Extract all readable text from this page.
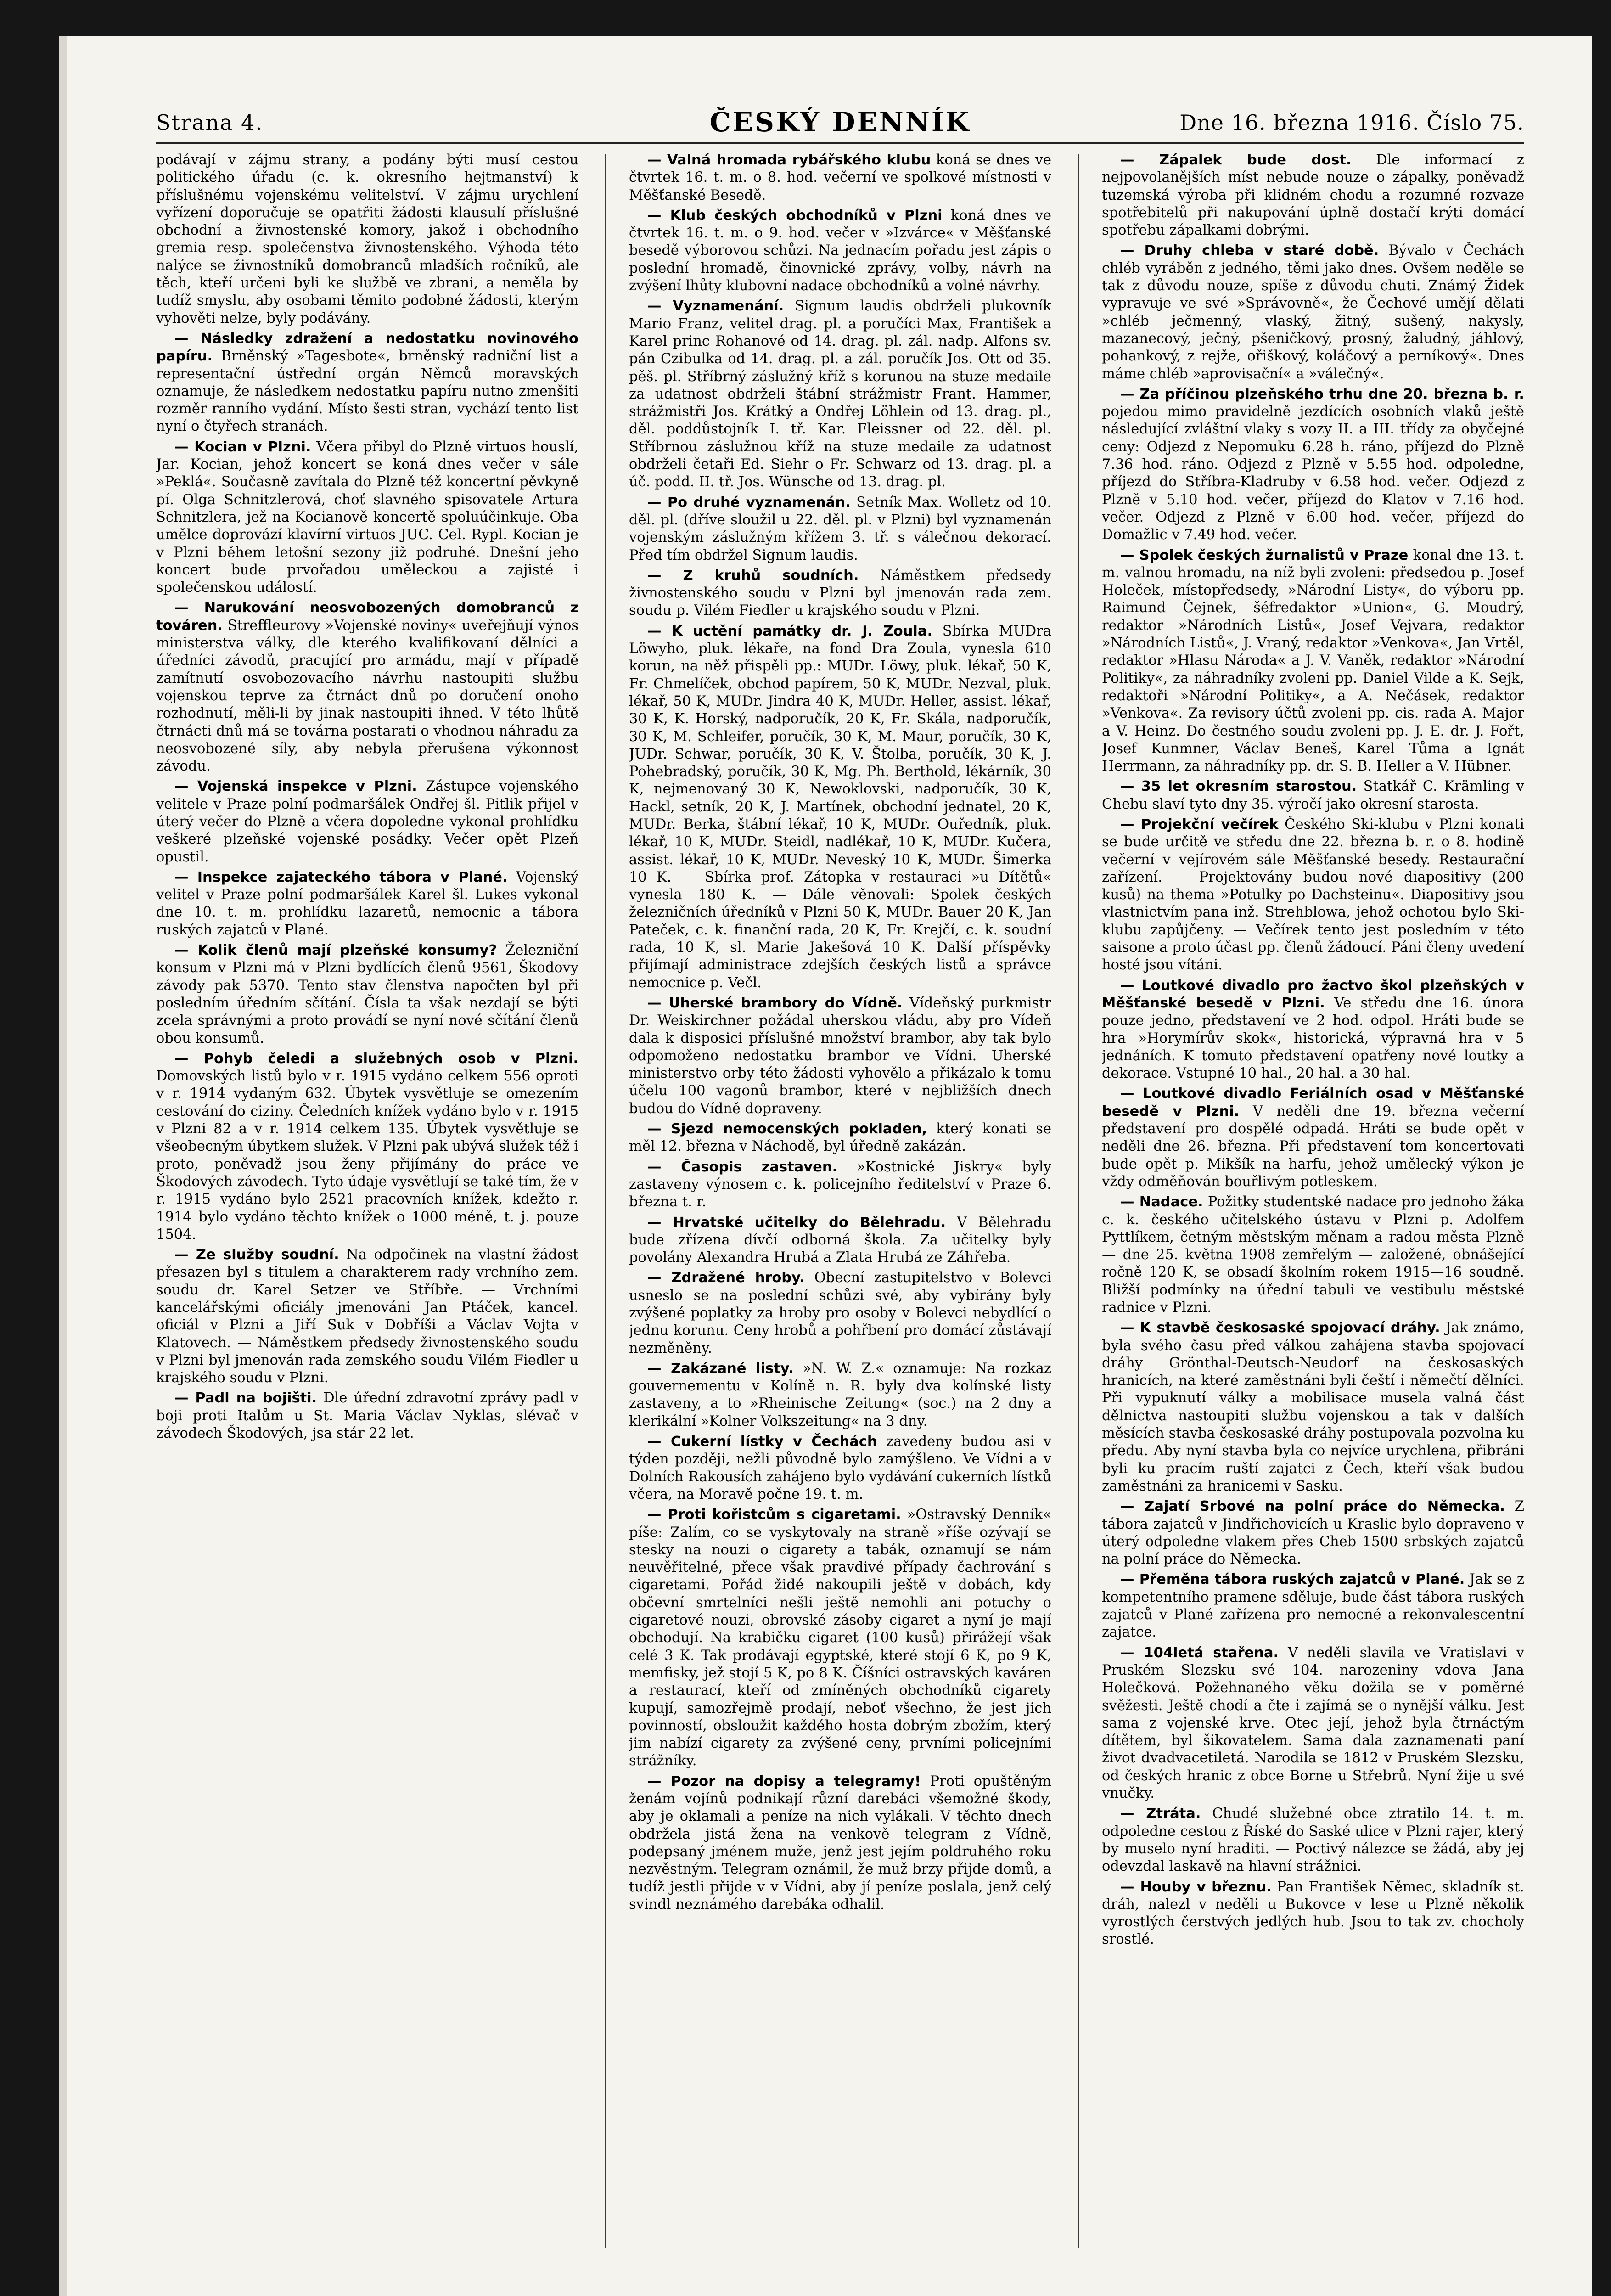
Strana 4.	ČESKÝ DENNÍK	Dne 16. března 1916. Číslo 75.

podávají v zájmu strany, a podány býti musí cestou politického úřadu (c. k. okresního hejtmanství) k příslušnému vojenskému velitelství. V zájmu urychlení vyřízení doporučuje se opatřiti žádosti klausulí příslušné obchodní a živnostenské komory, jakož i obchodního gremia resp. společenstva živnostenského. Výhoda této nalýce se živnostníků domobranců mladších ročníků, ale těch, kteří určeni byli ke službě ve zbrani, a neměla by tudíž smyslu, aby osobami těmito podobné žádosti, kterým vyhověti nelze, byly podávány.

— Následky zdražení a nedostatku novinového papíru. Brněnský »Tagesbote«, brněnský radniční list a representační ústřední orgán Němců moravských oznamuje, že následkem nedostatku papíru nutno zmenšiti rozměr ranního vydání. Místo šesti stran, vychází tento list nyní o čtyřech stranách.

— Kocian v Plzni. Včera přibyl do Plzně virtuos houslí, Jar. Kocian, jehož koncert se koná dnes večer v sále »Peklá«. Současně zavítala do Plzně též koncertní pěvkyně pí. Olga Schnitzlerová, choť slavného spisovatele Artura Schnitzlera, jež na Kocianově koncertě spoluúčinkuje. Oba umělce doprovází klavírní virtuos JUC. Cel. Rypl. Kocian je v Plzni během letošní sezony již podruhé. Dnešní jeho koncert bude prvořadou uměleckou a zajisté i společenskou událostí.

— Narukování neosvobozených domobranců z továren. Streffleurovy »Vojenské noviny« uveřejňují výnos ministerstva války, dle kterého kvalifikovaní dělníci a úředníci závodů, pracující pro armádu, mají v případě zamítnutí osvobozovacího návrhu nastoupiti službu vojenskou teprve za čtrnáct dnů po doručení onoho rozhodnutí, měli-li by jinak nastoupiti ihned. V této lhůtě čtrnácti dnů má se továrna postarati o vhodnou náhradu za neosvobozené síly, aby nebyla přerušena výkonnost závodu.

— Vojenská inspekce v Plzni. Zástupce vojenského velitele v Praze polní podmaršálek Ondřej šl. Pitlik přijel v úterý večer do Plzně a včera dopoledne vykonal prohlídku veškeré plzeňské vojenské posádky. Večer opět Plzeň opustil.

— Inspekce zajateckého tábora v Plané. Vojenský velitel v Praze polní podmaršálek Karel šl. Lukes vykonal dne 10. t. m. prohlídku lazaretů, nemocnic a tábora ruských zajatců v Plané.

— Kolik členů mají plzeňské konsumy? Železniční konsum v Plzni má v Plzni bydlících členů 9561, Škodovy závody pak 5370. Tento stav členstva napočten byl při posledním úředním sčítání. Čísla ta však nezdají se býti zcela správnými a proto provádí se nyní nové sčítání členů obou konsumů.

— Pohyb čeledi a služebných osob v Plzni. Domovských listů bylo v r. 1915 vydáno celkem 556 oproti v r. 1914 vydaným 632. Úbytek vysvětluje se omezením cestování do ciziny. Čeledních knížek vydáno bylo v r. 1915 v Plzni 82 a v r. 1914 celkem 135. Úbytek vysvětluje se všeobecným úbytkem služek. V Plzni pak ubývá služek též i proto, poněvadž jsou ženy přijímány do práce ve Škodových závodech. Tyto údaje vysvětlují se také tím, že v r. 1915 vydáno bylo 2521 pracovních knížek, kdežto r. 1914 bylo vydáno těchto knížek o 1000 méně, t. j. pouze 1504.

— Ze služby soudní. Na odpočinek na vlastní žádost přesazen byl s titulem a charakterem rady vrchního zem. soudu dr. Karel Setzer ve Stříbře. — Vrchními kancelářskými oficiály jmenováni Jan Ptáček, kancel. oficiál v Plzni a Jiří Suk v Dobříši a Václav Vojta v Klatovech. — Náměstkem předsedy živnostenského soudu v Plzni byl jmenován rada zemského soudu Vilém Fiedler u krajského soudu v Plzni.

— Padl na bojišti. Dle úřední zdravotní zprávy padl v boji proti Italům u St. Maria Václav Nyklas, slévač v závodech Škodových, jsa stár 22 let.

— Valná hromada rybářského klubu koná se dnes ve čtvrtek 16. t. m. o 8. hod. večerní ve spolkové místnosti v Měšťanské Besedě.

— Klub českých obchodníků v Plzni koná dnes ve čtvrtek 16. t. m. o 9. hod. večer v »Izvárce« v Měšťanské besedě výborovou schůzi. Na jednacím pořadu jest zápis o poslední hromadě, činovnické zprávy, volby, návrh na zvýšení lhůty klubovní nadace obchodníků a volné návrhy.

— Vyznamenání. Signum laudis obdrželi plukovník Mario Franz, velitel drag. pl. a poručíci Max, František a Karel princ Rohanové od 14. drag. pl. zál. nadp. Alfons sv. pán Czibulka od 14. drag. pl. a zál. poručík Jos. Ott od 35. pěš. pl. Stříbrný záslužný kříž s korunou na stuze medaile za udatnost obdrželi štábní strážmistr Frant. Hammer, strážmistři Jos. Krátký a Ondřej Löhlein od 13. drag. pl., děl. poddůstojník I. tř. Kar. Fleissner od 22. děl. pl. Stříbrnou záslužnou kříž na stuze medaile za udatnost obdrželi četaři Ed. Siehr o Fr. Schwarz od 13. drag. pl. a úč. podd. II. tř. Jos. Wünsche od 13. drag. pl.

— Po druhé vyznamenán. Setník Max. Wolletz od 10. děl. pl. (dříve sloužil u 22. děl. pl. v Plzni) byl vyznamenán vojenským záslužným křížem 3. tř. s válečnou dekorací. Před tím obdržel Signum laudis.

— Z kruhů soudních. Náměstkem předsedy živnostenského soudu v Plzni byl jmenován rada zem. soudu p. Vilém Fiedler u krajského soudu v Plzni.

— K uctění památky dr. J. Zoula. Sbírka MUDra Löwyho, pluk. lékaře, na fond Dra Zoula, vynesla 610 korun, na něž přispěli pp.: MUDr. Löwy, pluk. lékař, 50 K, Fr. Chmelíček, obchod papírem, 50 K, MUDr. Nezval, pluk. lékař, 50 K, MUDr. Jindra 40 K, MUDr. Heller, assist. lékař, 30 K, K. Horský, nadporučík, 20 K, Fr. Skála, nadporučík, 30 K, M. Schleifer, poručík, 30 K, M. Maur, poručík, 30 K, JUDr. Schwar, poručík, 30 K, V. Štolba, poručík, 30 K, J. Pohebradský, poručík, 30 K, Mg. Ph. Berthold, lékárník, 30 K, nejmenovaný 30 K, Newoklovski, nadporučík, 30 K, Hackl, setník, 20 K, J. Martínek, obchodní jednatel, 20 K, MUDr. Berka, štábní lékař, 10 K, MUDr. Ouředník, pluk. lékař, 10 K, MUDr. Steidl, nadlékař, 10 K, MUDr. Kučera, assist. lékař, 10 K, MUDr. Neveský 10 K, MUDr. Šimerka 10 K. — Sbírka prof. Zátopka v restauraci »u Dítětů« vynesla 180 K. — Dále věnovali: Spolek českých železničních úředníků v Plzni 50 K, MUDr. Bauer 20 K, Jan Pateček, c. k. finanční rada, 20 K, Fr. Krejčí, c. k. soudní rada, 10 K, sl. Marie Jakešová 10 K. Další příspěvky přijímají administrace zdejších českých listů a správce nemocnice p. Večl.

— Uherské brambory do Vídně. Vídeňský purkmistr Dr. Weiskirchner požádal uherskou vládu, aby pro Vídeň dala k disposici příslušné množství brambor, aby tak bylo odpomoženo nedostatku brambor ve Vídni. Uherské ministerstvo orby této žádosti vyhovělo a přikázalo k tomu účelu 100 vagonů brambor, které v nejbližších dnech budou do Vídně dopraveny.

— Sjezd nemocenských pokladen, který konati se měl 12. března v Náchodě, byl úředně zakázán.

— Časopis zastaven. »Kostnické Jiskry« byly zastaveny výnosem c. k. policejního ředitelství v Praze 6. března t. r.

— Hrvatské učitelky do Bělehradu. V Bělehradu bude zřízena dívčí odborná škola. Za učitelky byly povolány Alexandra Hrubá a Zlata Hrubá ze Záhřeba.

— Zdražené hroby. Obecní zastupitelstvo v Bolevci usneslo se na poslední schůzi své, aby vybírány byly zvýšené poplatky za hroby pro osoby v Bolevci nebydlící o jednu korunu. Ceny hrobů a pohřbení pro domácí zůstávají nezměněny.

— Zakázané listy. »N. W. Z.« oznamuje: Na rozkaz gouvernementu v Kolíně n. R. byly dva kolínské listy zastaveny, a to »Rheinische Zeitung« (soc.) na 2 dny a klerikální »Kolner Volkszeitung« na 3 dny.

— Cukerní lístky v Čechách zavedeny budou asi v týden později, nežli původně bylo zamýšleno. Ve Vídni a v Dolních Rakousích zahájeno bylo vydávání cukerních lístků včera, na Moravě počne 19. t. m.

— Proti kořistcům s cigaretami. »Ostravský Denník« píše: Zalím, co se vyskytovaly na straně »říše ozývají se stesky na nouzi o cigarety a tabák, oznamují se nám neuvěřitelné, přece však pravdivé případy čachrování s cigaretami. Pořád židé nakoupili ještě v dobách, kdy občevní smrtelníci nešli ještě nemohli ani potuchy o cigaretové nouzi, obrovské zásoby cigaret a nyní je mají obchodují. Na krabičku cigaret (100 kusů) přirážejí však celé 3 K. Tak prodávají egyptské, které stojí 6 K, po 9 K, memfisky, jež stojí 5 K, po 8 K. Číšníci ostravských kaváren a restaurací, kteří od zmíněných obchodníků cigarety kupují, samozřejmě prodají, neboť všechno, že jest jich povinností, obsloužit každého hosta dobrým zbožím, který jim nabízí cigarety za zvýšené ceny, prvními policejními strážníky.

— Pozor na dopisy a telegramy! Proti opuštěným ženám vojínů podnikají různí darebáci všemožné škody, aby je oklamali a peníze na nich vylákali. V těchto dnech obdržela jistá žena na venkově telegram z Vídně, podepsaný jménem muže, jenž jest jejím poldruhého roku nezvěstným. Telegram oznámil, že muž brzy přijde domů, a tudíž jestli přijde v v Vídni, aby jí peníze poslala, jenž celý svindl neznámého darebáka odhalil.

— Zápalek bude dost. Dle informací z nejpovolanějších míst nebude nouze o zápalky, poněvadž tuzemská výroba při klidném chodu a rozumné rozvaze spotřebitelů při nakupování úplně dostačí krýti domácí spotřebu zápalkami dobrými.

— Druhy chleba v staré době. Bývalo v Čechách chléb vyráběn z jedného, těmi jako dnes. Ovšem neděle se tak z důvodu nouze, spíše z důvodu chuti. Známý Židek vypravuje ve své »Správovně«, že Čechové umějí dělati »chléb ječmenný, vlaský, žitný, sušený, nakysly, mazanecový, ječný, pšeničkový, prosný, žaludný, jáhlový, pohankový, z rejže, ořiškový, koláčový a perníkový«. Dnes máme chléb »aprovisační« a »válečný«.

— Za příčinou plzeňského trhu dne 20. března b. r. pojedou mimo pravidelně jezdících osobních vlaků ještě následující zvláštní vlaky s vozy II. a III. třídy za obyčejné ceny: Odjezd z Nepomuku 6.28 h. ráno, příjezd do Plzně 7.36 hod. ráno. Odjezd z Plzně v 5.55 hod. odpoledne, příjezd do Stříbra-Kladruby v 6.58 hod. večer. Odjezd z Plzně v 5.10 hod. večer, příjezd do Klatov v 7.16 hod. večer. Odjezd z Plzně v 6.00 hod. večer, příjezd do Domažlic v 7.49 hod. večer.

— Spolek českých žurnalistů v Praze konal dne 13. t. m. valnou hromadu, na níž byli zvoleni: předsedou p. Josef Holeček, místopředsedy, »Národní Listy«, do výboru pp. Raimund Čejnek, šéfredaktor »Union«, G. Moudrý, redaktor »Národních Listů«, Josef Vejvara, redaktor »Národních Listů«, J. Vraný, redaktor »Venkova«, Jan Vrtěl, redaktor »Hlasu Národa« a J. V. Vaněk, redaktor »Národní Politiky«, za náhradníky zvoleni pp. Daniel Vilde a K. Sejk, redaktoři »Národní Politiky«, a A. Nečásek, redaktor »Venkova«. Za revisory účtů zvoleni pp. cis. rada A. Major a V. Heinz. Do čestného soudu zvoleni pp. J. E. dr. J. Fořt, Josef Kunmner, Václav Beneš, Karel Tůma a Ignát Herrmann, za náhradníky pp. dr. S. B. Heller a V. Hübner.

— 35 let okresním starostou. Statkář C. Krämling v Chebu slaví tyto dny 35. výročí jako okresní starosta.

— Projekční večírek Českého Ski-klubu v Plzni konati se bude určitě ve středu dne 22. března b. r. o 8. hodině večerní v vejírovém sále Měšťanské besedy. Restaurační zařízení. — Projektovány budou nové diapositivy (200 kusů) na thema »Potulky po Dachsteinu«. Diapositivy jsou vlastnictvím pana inž. Strehblowa, jehož ochotou bylo Ski-klubu zapůjčeny. — Večírek tento jest posledním v této saisone a proto účast pp. členů žádoucí. Páni členy uvedení hosté jsou vítáni.

— Loutkové divadlo pro žactvo škol plzeňských v Měšťanské besedě v Plzni. Ve středu dne 16. února pouze jedno, představení ve 2 hod. odpol. Hráti bude se hra »Horymírův skok«, historická, výpravná hra v 5 jednáních. K tomuto představení opatřeny nové loutky a dekorace. Vstupné 10 hal., 20 hal. a 30 hal.

— Loutkové divadlo Feriálních osad v Měšťanské besedě v Plzni. V neděli dne 19. března večerní představení pro dospělé odpadá. Hráti se bude opět v neděli dne 26. března. Při představení tom koncertovati bude opět p. Mikšík na harfu, jehož umělecký výkon je vždy odměňován bouřlivým potleskem.

— Nadace. Požitky studentské nadace pro jednoho žáka c. k. českého učitelského ústavu v Plzni p. Adolfem Pyttlíkem, četným městským měnam a radou města Plzně — dne 25. května 1908 zemřelým — založené, obnášející ročně 120 K, se obsadí školním rokem 1915—16 soudně. Bližší podmínky na úřední tabuli ve vestibulu městské radnice v Plzni.

— K stavbě českosaské spojovací dráhy. Jak známo, byla svého času před válkou zahájena stavba spojovací dráhy Grönthal-Deutsch-Neudorf na českosaských hranicích, na které zaměstnáni byli čeští i němečtí dělníci. Při vypuknutí války a mobilisace musela valná část dělnictva nastoupiti službu vojenskou a tak v dalších měsících stavba českosaské dráhy postupovala pozvolna ku předu. Aby nyní stavba byla co nejvíce urychlena, přibráni byli ku pracím ruští zajatci z Čech, kteří však budou zaměstnáni za hranicemi v Sasku.

— Zajatí Srbové na polní práce do Německa. Z tábora zajatců v Jindřichovicích u Kraslic bylo dopraveno v úterý odpoledne vlakem přes Cheb 1500 srbských zajatců na polní práce do Německa.

— Přeměna tábora ruských zajatců v Plané. Jak se z kompetentního pramene sděluje, bude část tábora ruských zajatců v Plané zařízena pro nemocné a rekonvalescentní zajatce.

— 104letá stařena. V neděli slavila ve Vratislavi v Pruském Slezsku své 104. narozeniny vdova Jana Holečková. Požehnaného věku dožila se v poměrné svěžesti. Ještě chodí a čte i zajímá se o nynější válku. Jest sama z vojenské krve. Otec její, jehož byla čtrnáctým dítětem, byl šikovatelem. Sama dala zaznamenati paní život dvadvacetiletá. Narodila se 1812 v Pruském Slezsku, od českých hranic z obce Borne u Střebrů. Nyní žije u své vnučky.

— Ztráta. Chudé služebné obce ztratilo 14. t. m. odpoledne cestou z Říské do Saské ulice v Plzni rajer, který by muselo nyní hraditi. — Poctivý nálezce se žádá, aby jej odevzdal laskavě na hlavní strážnici.

— Houby v březnu. Pan František Němec, skladník st. dráh, nalezl v neděli u Bukovce v lese u Plzně několik vyrostlých čerstvých jedlých hub. Jsou to tak zv. chocholy srostlé.
